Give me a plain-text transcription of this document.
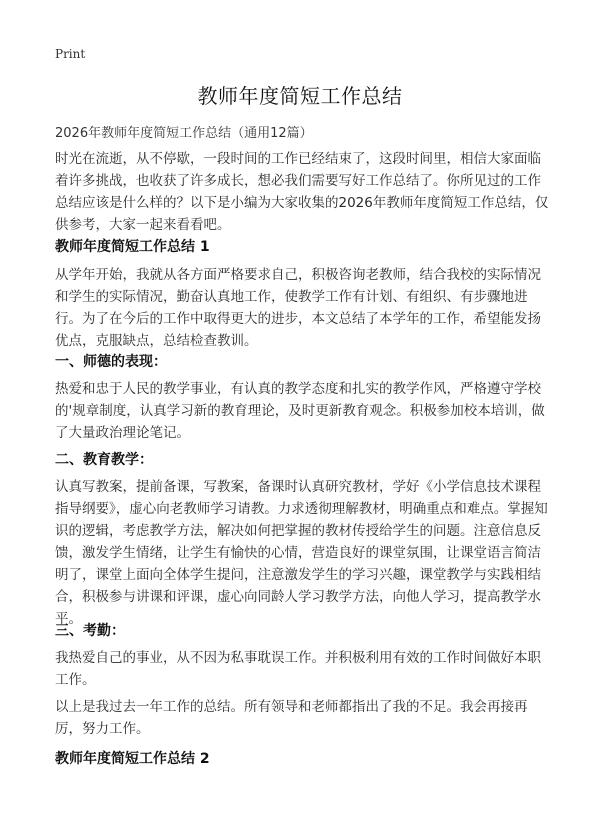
Print
教师年度简短工作总结
2026年教师年度简短工作总结（通用12篇）

时光在流逝，从不停歇，一段时间的工作已经结束了，这段时间里，相信大家面临着许多挑战，也收获了许多成长，想必我们需要写好工作总结了。你所见过的工作总结应该是什么样的？以下是小编为大家收集的2026年教师年度简短工作总结，仅供参考，大家一起来看看吧。

教师年度简短工作总结 1

从学年开始，我就从各方面严格要求自己，积极咨询老教师，结合我校的实际情况和学生的实际情况，勤奋认真地工作，使教学工作有计划、有组织、有步骤地进行。为了在今后的工作中取得更大的进步，本文总结了本学年的工作，希望能发扬优点，克服缺点，总结检查教训。

一、师德的表现：

热爱和忠于人民的教学事业，有认真的教学态度和扎实的教学作风，严格遵守学校的'规章制度，认真学习新的教育理论，及时更新教育观念。积极参加校本培训，做了大量政治理论笔记。

二、教育教学：

认真写教案，提前备课，写教案，备课时认真研究教材，学好《小学信息技术课程指导纲要》，虚心向老教师学习请教。力求透彻理解教材，明确重点和难点。掌握知识的逻辑，考虑教学方法，解决如何把掌握的教材传授给学生的问题。注意信息反馈，激发学生情绪，让学生有愉快的心情，营造良好的课堂氛围，让课堂语言简洁明了，课堂上面向全体学生提问，注意激发学生的学习兴趣，课堂教学与实践相结合，积极参与讲课和评课，虚心向同龄人学习教学方法，向他人学习，提高教学水平。

三、考勤：

我热爱自己的事业，从不因为私事耽误工作。并积极利用有效的工作时间做好本职工作。

以上是我过去一年工作的总结。所有领导和老师都指出了我的不足。我会再接再厉，努力工作。

教师年度简短工作总结 2
